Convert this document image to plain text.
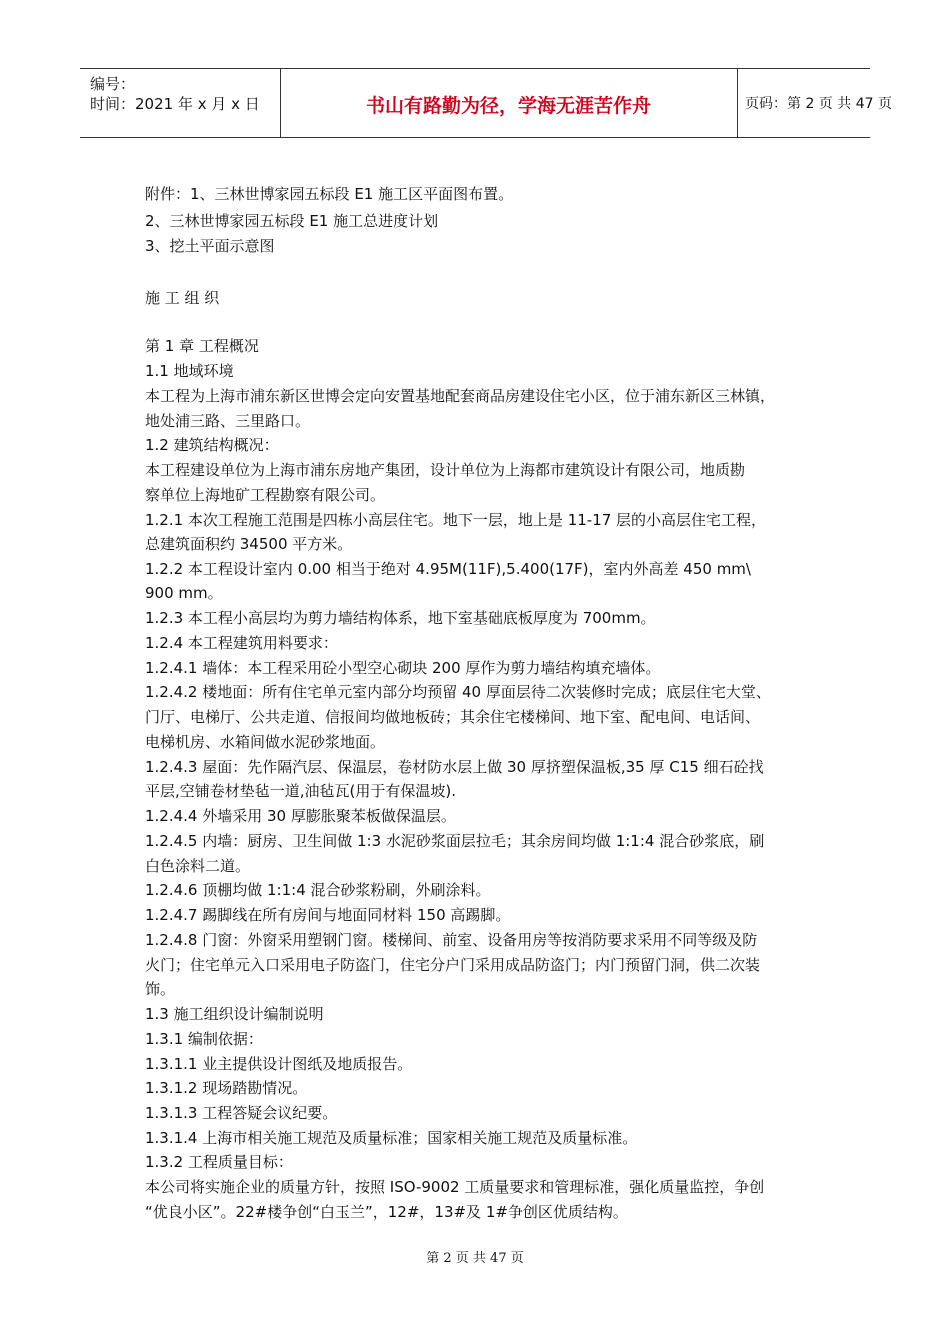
编号：
时间：2021 年 x 月 x 日	书山有路勤为径，学海无涯苦作舟	页码：第 2 页 共 47 页
附件：1、三林世博家园五标段 E1 施工区平面图布置。
2、三林世博家园五标段 E1 施工总进度计划
3、挖土平面示意图
施 工 组 织
第 1 章 工程概况
1.1 地域环境
本工程为上海市浦东新区世博会定向安置基地配套商品房建设住宅小区，位于浦东新区三林镇，
地处浦三路、三里路口。
1.2 建筑结构概况：
本工程建设单位为上海市浦东房地产集团，设计单位为上海都市建筑设计有限公司，地质勘
察单位上海地矿工程勘察有限公司。
1.2.1 本次工程施工范围是四栋小高层住宅。地下一层，地上是 11-17 层的小高层住宅工程，
总建筑面积约 34500 平方米。
1.2.2 本工程设计室内 0.00 相当于绝对 4.95M(11F),5.400(17F)，室内外高差 450 mm\
900 mm。
1.2.3 本工程小高层均为剪力墙结构体系，地下室基础底板厚度为 700mm。
1.2.4 本工程建筑用料要求：
1.2.4.1 墙体：本工程采用砼小型空心砌块 200 厚作为剪力墙结构填充墙体。
1.2.4.2 楼地面：所有住宅单元室内部分均预留 40 厚面层待二次装修时完成；底层住宅大堂、
门厅、电梯厅、公共走道、信报间均做地板砖；其余住宅楼梯间、地下室、配电间、电话间、
电梯机房、水箱间做水泥砂浆地面。
1.2.4.3 屋面：先作隔汽层、保温层，卷材防水层上做 30 厚挤塑保温板,35 厚 C15 细石砼找
平层,空铺卷材垫毡一道,油毡瓦(用于有保温坡).
1.2.4.4 外墙采用 30 厚膨胀聚苯板做保温层。
1.2.4.5 内墙：厨房、卫生间做 1:3 水泥砂浆面层拉毛；其余房间均做 1:1:4 混合砂浆底，刷
白色涂料二道。
1.2.4.6 顶棚均做 1:1:4 混合砂浆粉刷，外刷涂料。
1.2.4.7 踢脚线在所有房间与地面同材料 150 高踢脚。
1.2.4.8 门窗：外窗采用塑钢门窗。楼梯间、前室、设备用房等按消防要求采用不同等级及防
火门；住宅单元入口采用电子防盗门，住宅分户门采用成品防盗门；内门预留门洞，供二次装
饰。
1.3 施工组织设计编制说明
1.3.1 编制依据：
1.3.1.1 业主提供设计图纸及地质报告。
1.3.1.2 现场踏勘情况。
1.3.1.3 工程答疑会议纪要。
1.3.1.4 上海市相关施工规范及质量标准；国家相关施工规范及质量标准。
1.3.2 工程质量目标：
本公司将实施企业的质量方针，按照 ISO-9002 工质量要求和管理标准，强化质量监控，争创
“优良小区”。22#楼争创“白玉兰”，12#，13#及 1#争创区优质结构。
第 2 页 共 47 页
